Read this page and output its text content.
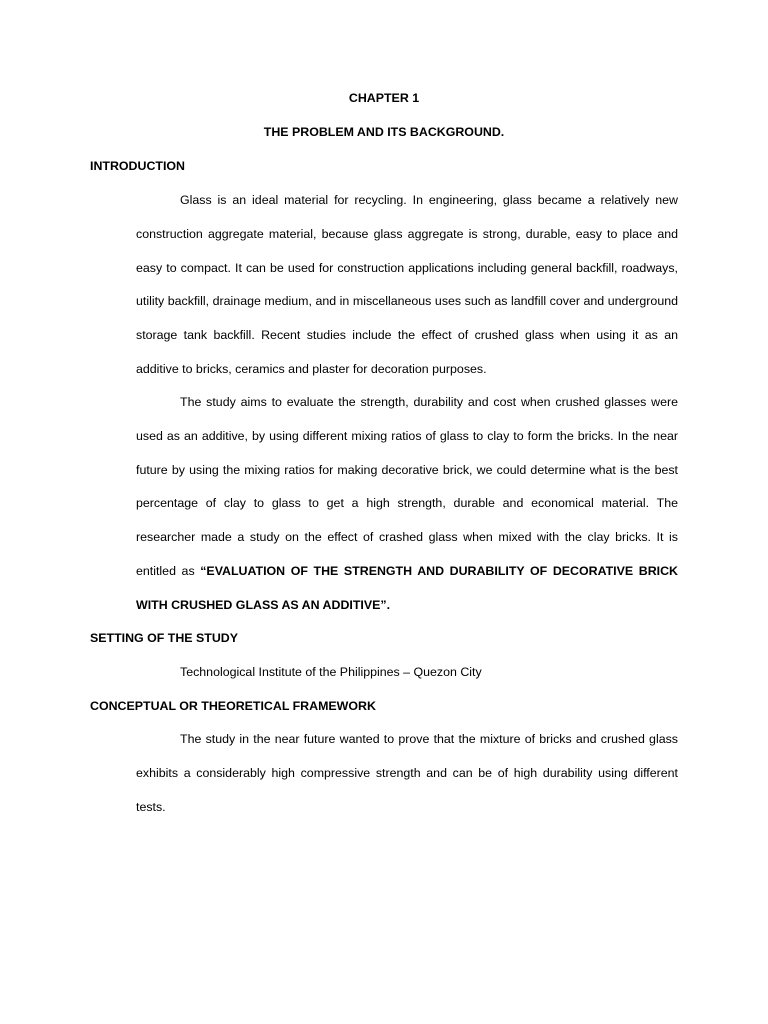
CHAPTER 1
THE PROBLEM AND ITS BACKGROUND.
INTRODUCTION
Glass is an ideal material for recycling. In engineering, glass became a relatively new construction aggregate material, because glass aggregate is strong, durable, easy to place and easy to compact. It can be used for construction applications including general backfill, roadways, utility backfill, drainage medium, and in miscellaneous uses such as landfill cover and underground storage tank backfill. Recent studies include the effect of crushed glass when using it as an additive to bricks, ceramics and plaster for decoration purposes.
The study aims to evaluate the strength, durability and cost when crushed glasses were used as an additive, by using different mixing ratios of glass to clay to form the bricks. In the near future by using the mixing ratios for making decorative brick, we could determine what is the best percentage of clay to glass to get a high strength, durable and economical material. The researcher made a study on the effect of crashed glass when mixed with the clay bricks. It is entitled as “EVALUATION OF THE STRENGTH AND DURABILITY OF DECORATIVE BRICK WITH CRUSHED GLASS AS AN ADDITIVE”.
SETTING OF THE STUDY
Technological Institute of the Philippines – Quezon City
CONCEPTUAL OR THEORETICAL FRAMEWORK
The study in the near future wanted to prove that the mixture of bricks and crushed glass exhibits a considerably high compressive strength and can be of high durability using different tests.
